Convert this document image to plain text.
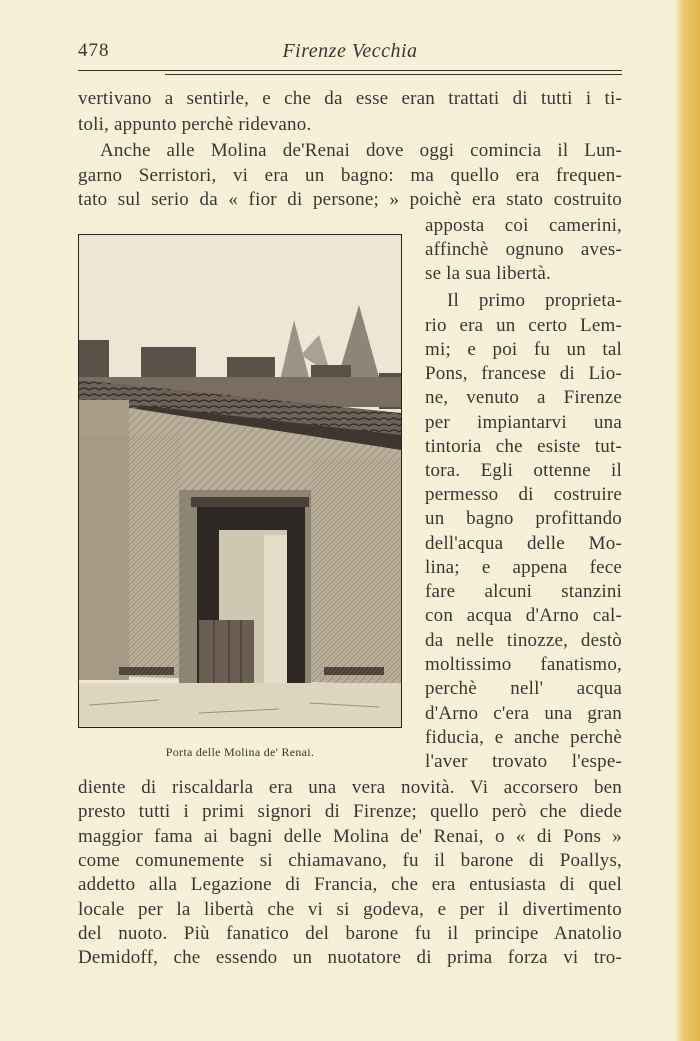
478	Firenze Vecchia
vertivano a sentirle, e che da esse eran trattati di tutti i ti-
toli, appunto perchè ridevano.
Anche alle Molina de'Renai dove oggi comincia il Lun-
garno Serristori, vi era un bagno: ma quello era frequen-
tato sul serio da « fior di persone; » poichè era stato costruito
apposta coi camerini,
affinchè ognuno aves-
se la sua libertà.
Il primo proprieta-
rio era un certo Lem-
mi; e poi fu un tal
Pons, francese di Lio-
ne, venuto a Firenze
per impiantarvi una
tintoria che esiste tut-
tora. Egli ottenne il
permesso di costruire
un bagno profittando
dell'acqua delle Mo-
lina; e appena fece
fare alcuni stanzini
con acqua d'Arno cal-
da nelle tinozze, destò
moltissimo fanatismo,
perchè nell' acqua
d'Arno c'era una gran
fiducia, e anche perchè
l'aver trovato l'espe-
diente di riscaldarla era una vera novità. Vi accorsero ben
presto tutti i primi signori di Firenze; quello però che diede
maggior fama ai bagni delle Molina de' Renai, o « di Pons »
come comunemente si chiamavano, fu il barone di Poallys,
addetto alla Legazione di Francia, che era entusiasta di quel
locale per la libertà che vi si godeva, e per il divertimento
del nuoto. Più fanatico del barone fu il principe Anatolio
Demidoff, che essendo un nuotatore di prima forza vi tro-
Porta delle Molina de' Renai.
